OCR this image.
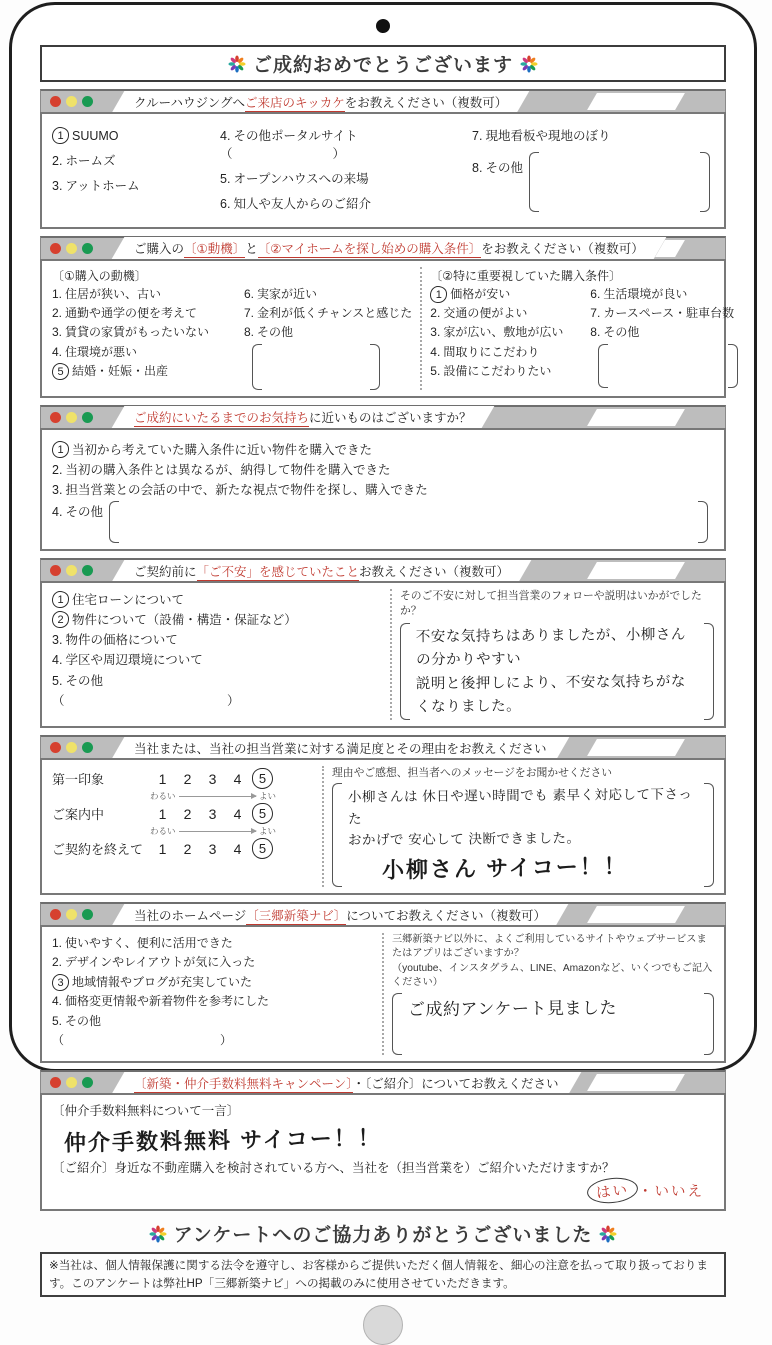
ご成約おめでとうございます
クルーハウジングへご来店のキッカケをお教えください（複数可）
1 SUUMO
2. ホームズ
3. アットホーム
4. その他ポータルサイト
（　　　　　　　　）
5. オープンハウスへの来場
6. 知人や友人からのご紹介
7. 現地看板や現地のぼり
8. その他
ご購入の〔①動機〕と〔②マイホームを探し始めの購入条件〕をお教えください（複数可）
〔①購入の動機〕
1. 住居が狭い、古い
2. 通勤や通学の便を考えて
3. 賃貸の家賃がもったいない
4. 住環境が悪い
5 結婚・妊娠・出産
6. 実家が近い
7. 金利が低くチャンスと感じた
8. その他
〔②特に重要視していた購入条件〕
1 価格が安い
2. 交通の便がよい
3. 家が広い、敷地が広い
4. 間取りにこだわり
5. 設備にこだわりたい
6. 生活環境が良い
7. カースペース・駐車台数
8. その他
ご成約にいたるまでのお気持ちに近いものはございますか？
1 当初から考えていた購入条件に近い物件を購入できた
2. 当初の購入条件とは異なるが、納得して物件を購入できた
3. 担当営業との会話の中で、新たな視点で物件を探し、購入できた
4. その他
ご契約前に「ご不安」を感じていたことお教えください（複数可）
1 住宅ローンについて
2 物件について（設備・構造・保証など）
3. 物件の価格について
4. 学区や周辺環境について
5. その他
（　　　　　　　　　　　　　）
そのご不安に対して担当営業のフォローや説明はいかがでしたか？
不安な気持ちはありましたが、小柳さんの分かりやすい
説明と後押しにより、不安な気持ちがなくなりました。
当社または、当社の担当営業に対する満足度とその理由をお教えください
第一印象	1	2	3	4	5
わるい	よい
ご案内中	1	2	3	4	5
わるい	よい
ご契約を終えて	1	2	3	4	5
理由やご感想、担当者へのメッセージをお聞かせください
小柳さんは 休日や遅い時間でも 素早く対応して下さった
おかげで 安心して 決断できました。
小柳さん サイコー！！
当社のホームページ〔三郷新築ナビ〕についてお教えください（複数可）
1. 使いやすく、便利に活用できた
2. デザインやレイアウトが気に入った
3 地域情報やブログが充実していた
4. 価格変更情報や新着物件を参考にした
5. その他
（　　　　　　　　　　　　　）
三郷新築ナビ以外に、よくご利用しているサイトやウェブサービスまたはアプリはございますか？
（youtube、インスタグラム、LINE、Amazonなど、いくつでもご記入ください）
ご成約アンケート見ました
〔新築・仲介手数料無料キャンペーン〕・〔ご紹介〕についてお教えください
〔仲介手数料無料について一言〕
仲介手数料無料 サイコー！！
〔ご紹介〕身近な不動産購入を検討されている方へ、当社を（担当営業を）ご紹介いただけますか？
はい ・いいえ
アンケートへのご協力ありがとうございました
※当社は、個人情報保護に関する法令を遵守し、お客様からご提供いただく個人情報を、細心の注意を払って取り扱っております。このアンケートは弊社HP「三郷新築ナビ」への掲載のみに使用させていただきます。
